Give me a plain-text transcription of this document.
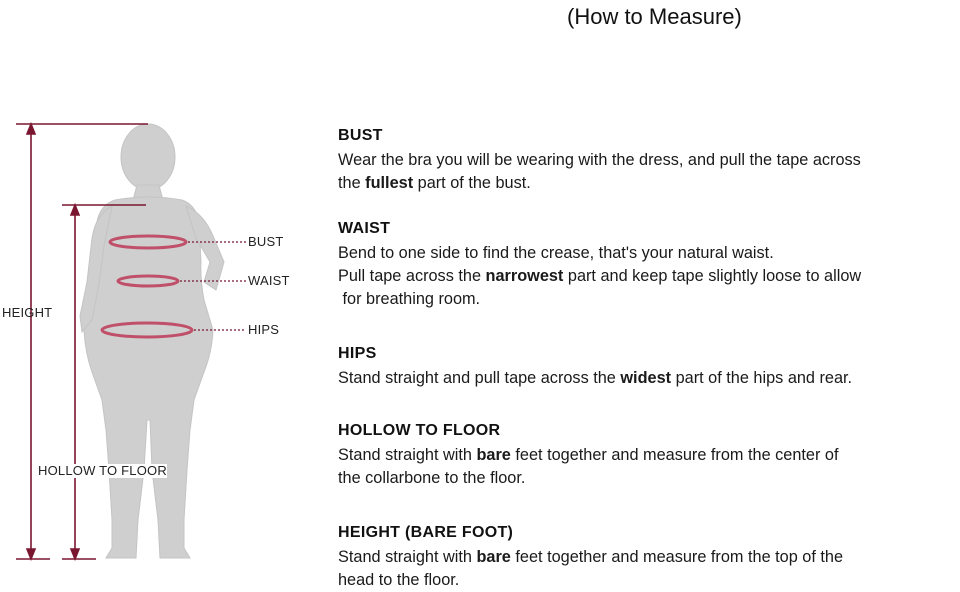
(How to Measure)
HEIGHT
BUST
WAIST
HIPS
HOLLOW TO FLOOR
BUST

Wear the bra you will be wearing with the dress, and pull the tape across
the fullest part of the bust.

WAIST

Bend to one side to find the crease, that's your natural waist.
Pull tape across the narrowest part and keep tape slightly loose to allow
for breathing room.

HIPS

Stand straight and pull tape across the widest part of the hips and rear.

HOLLOW TO FLOOR

Stand straight with bare feet together and measure from the center of
the collarbone to the floor.

HEIGHT (BARE FOOT)

Stand straight with bare feet together and measure from the top of the
head to the floor.
